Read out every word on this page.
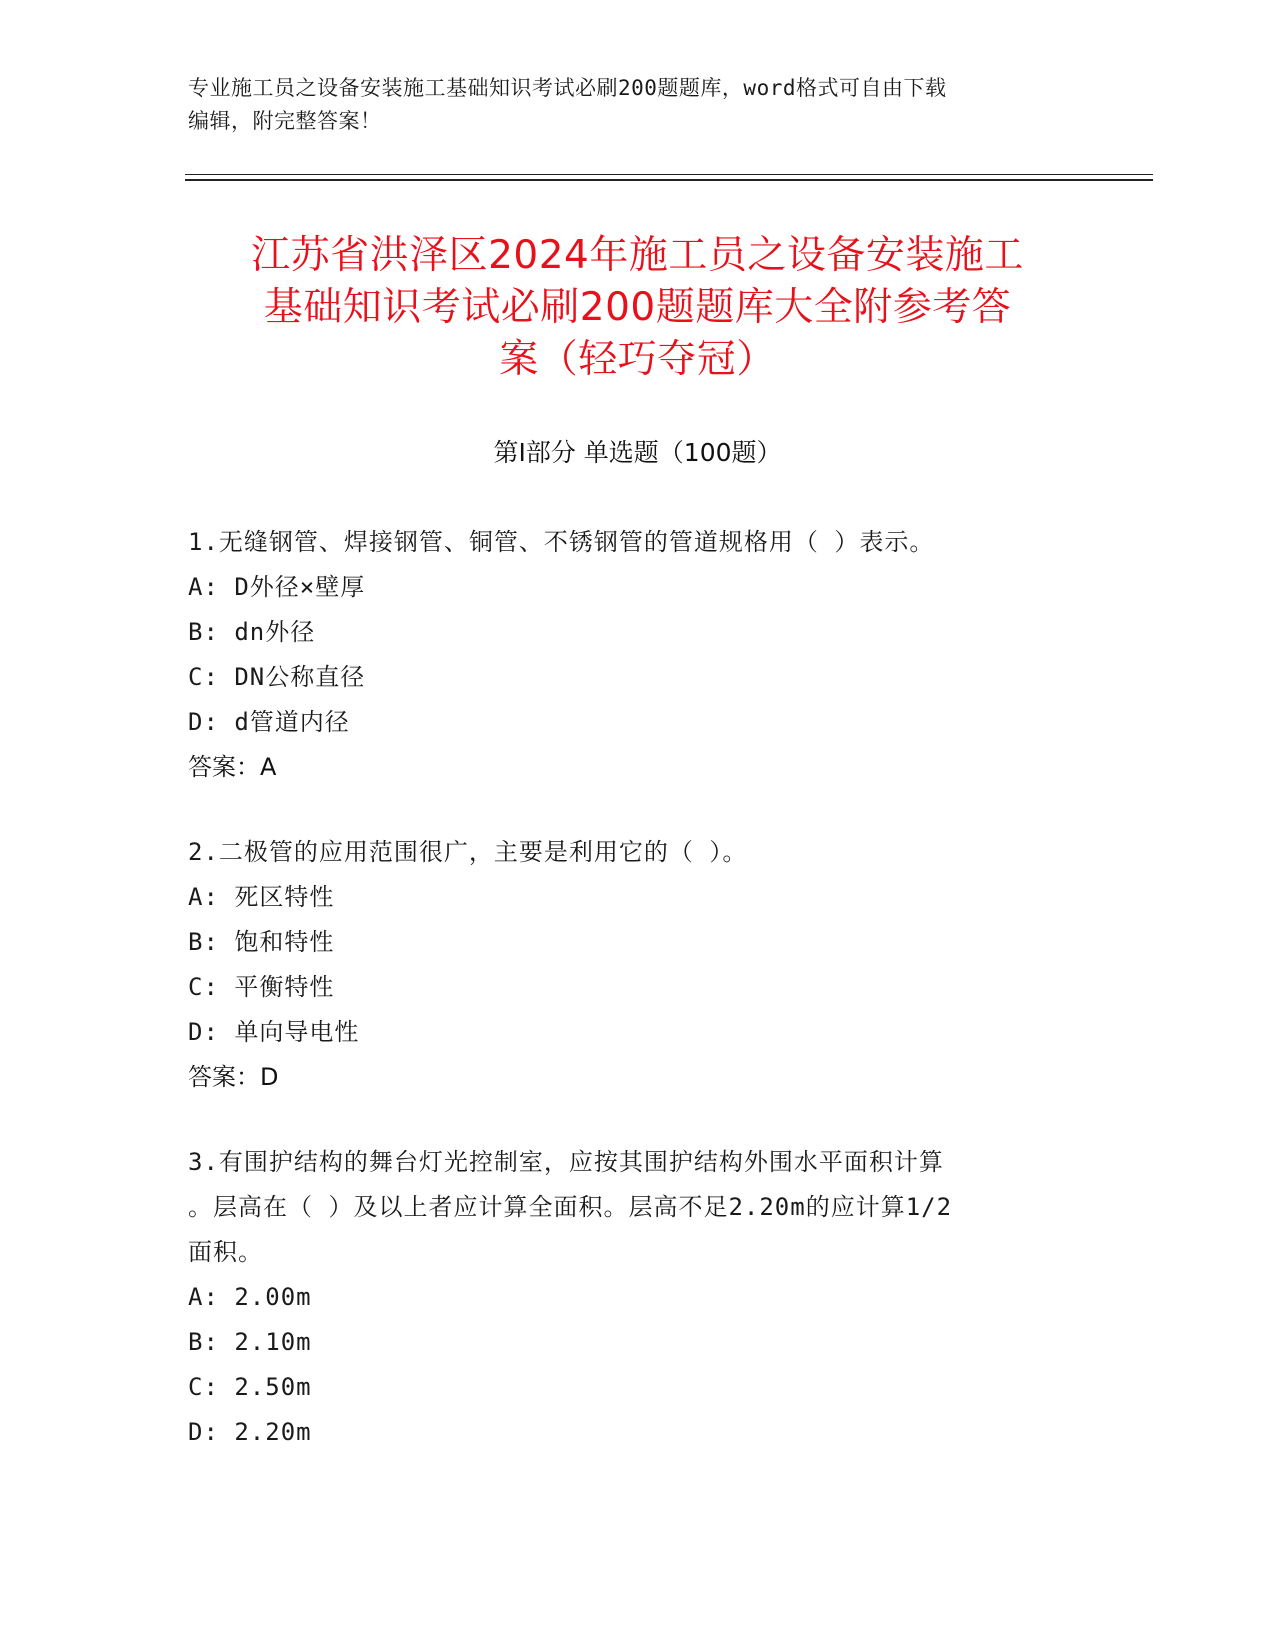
专业施工员之设备安装施工基础知识考试必刷200题题库，word格式可自由下载
编辑，附完整答案！
江苏省洪泽区2024年施工员之设备安装施工
基础知识考试必刷200题题库大全附参考答
案（轻巧夺冠）
第Ⅰ部分 单选题（100题）
1.无缝钢管、焊接钢管、铜管、不锈钢管的管道规格用（ ）表示。
A: D外径×壁厚
B: dn外径
C: DN公称直径
D: d管道内径
答案：A
2.二极管的应用范围很广，主要是利用它的（ ）。
A: 死区特性
B: 饱和特性
C: 平衡特性
D: 单向导电性
答案：D
3.有围护结构的舞台灯光控制室，应按其围护结构外围水平面积计算
。层高在（ ）及以上者应计算全面积。层高不足2.20m的应计算1/2
面积。
A: 2.00m
B: 2.10m
C: 2.50m
D: 2.20m
